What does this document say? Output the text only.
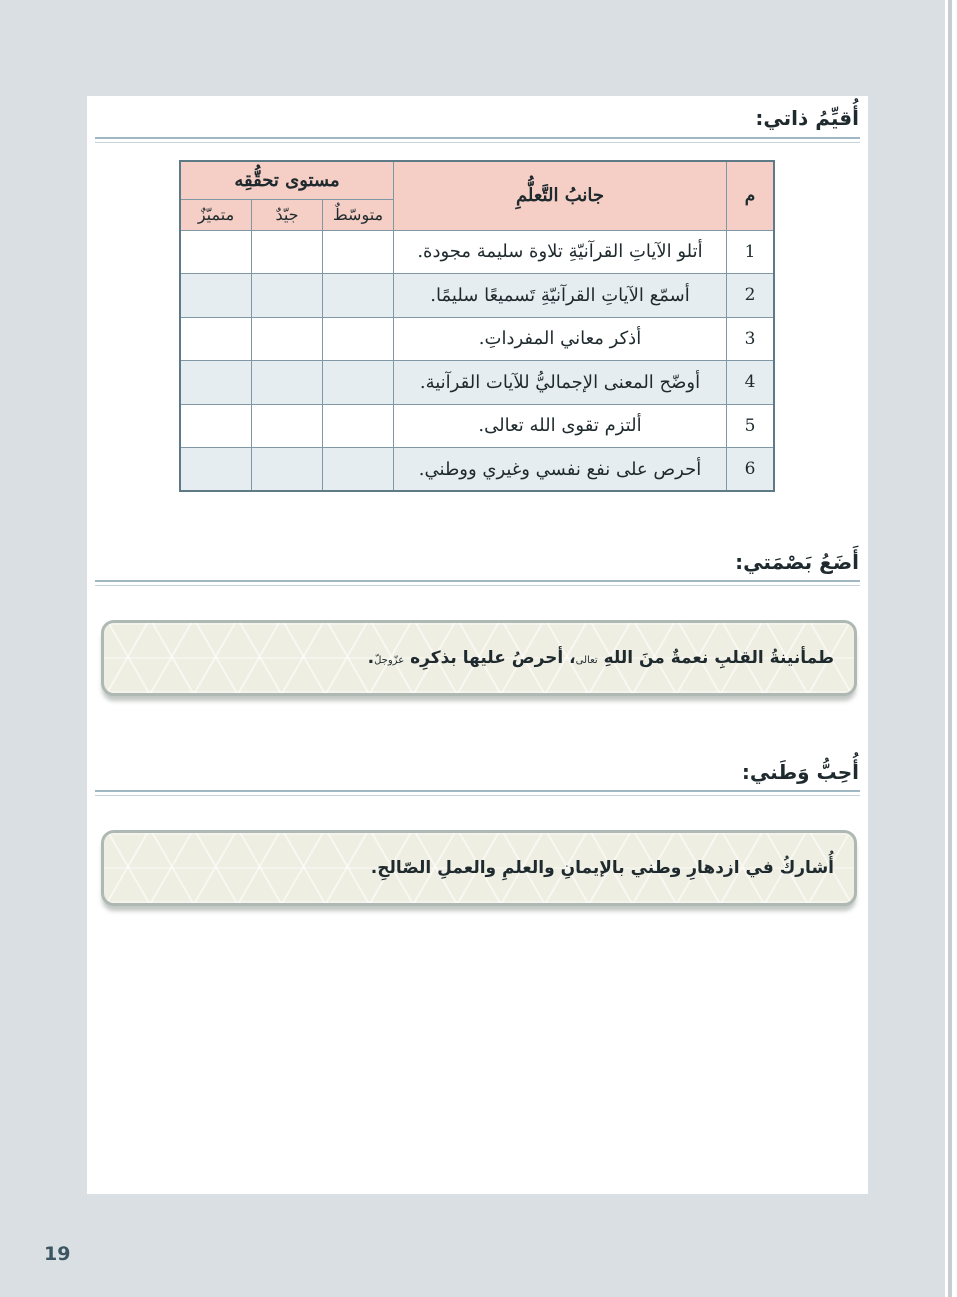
أُقيِّمُ ذاتي:
م	جانبُ التَّعلُّمِ	مستوى تحقُّقِه		
		متوسّطٌ	جيّدٌ	متميّزٌ
1	أتلو الآياتِ القرآنيّةِ تلاوة سليمة مجودة.			
2	أسمّع الآياتِ القرآنيّةِ تَسميعًا سليمًا.			
3	أذكر معاني المفرداتِ.			
4	أوضّح المعنى الإجماليُّ للآيات القرآنية.			
5	ألتزم تقوى الله تعالى.			
6	أحرص على نفع نفسي وغيري ووطني.			
أَضَعُ بَصْمَتي:
طمأنينةُ القلبِ نعمةٌ منَ اللهِ تعالى، أحرصُ عليها بذكرِه عزّوجلّ.
أُحِبُّ وَطَني:
أُشاركُ في ازدهارِ وطني بالإيمانِ والعلمِ والعملِ الصّالحِ.
19
